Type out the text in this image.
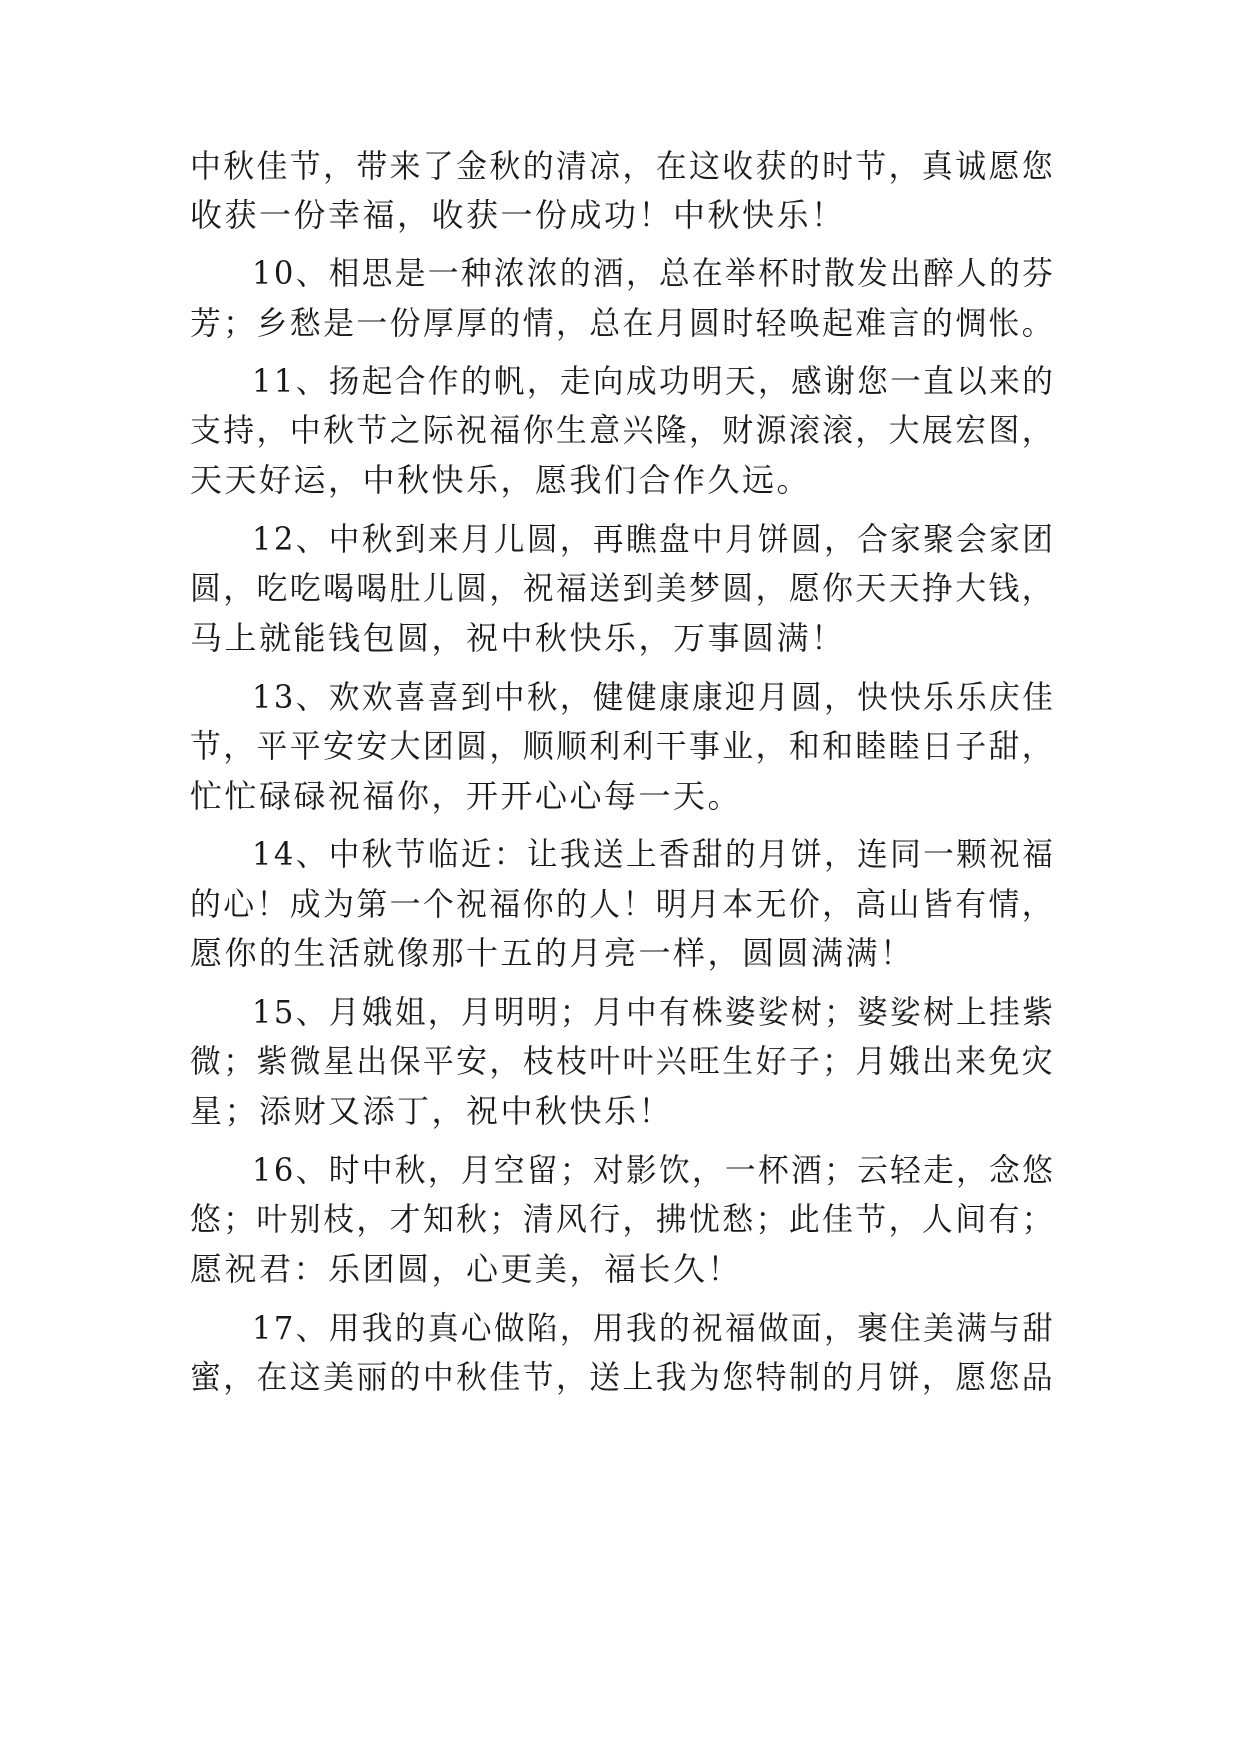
中秋佳节，带来了金秋的清凉，在这收获的时节，真诚愿您
收获一份幸福，收获一份成功！中秋快乐！
10、相思是一种浓浓的酒，总在举杯时散发出醉人的芬
芳；乡愁是一份厚厚的情，总在月圆时轻唤起难言的惆怅。
11、扬起合作的帆，走向成功明天，感谢您一直以来的
支持，中秋节之际祝福你生意兴隆，财源滚滚，大展宏图，
天天好运，中秋快乐，愿我们合作久远。
12、中秋到来月儿圆，再瞧盘中月饼圆，合家聚会家团
圆，吃吃喝喝肚儿圆，祝福送到美梦圆，愿你天天挣大钱，
马上就能钱包圆，祝中秋快乐，万事圆满！
13、欢欢喜喜到中秋，健健康康迎月圆，快快乐乐庆佳
节，平平安安大团圆，顺顺利利干事业，和和睦睦日子甜，
忙忙碌碌祝福你，开开心心每一天。
14、中秋节临近：让我送上香甜的月饼，连同一颗祝福
的心！成为第一个祝福你的人！明月本无价，高山皆有情，
愿你的生活就像那十五的月亮一样，圆圆满满！
15、月娥姐，月明明；月中有株婆娑树；婆娑树上挂紫
微；紫微星出保平安，枝枝叶叶兴旺生好子；月娥出来免灾
星；添财又添丁，祝中秋快乐！
16、时中秋，月空留；对影饮，一杯酒；云轻走，念悠
悠；叶别枝，才知秋；清风行，拂忧愁；此佳节，人间有；
愿祝君：乐团圆，心更美，福长久！
17、用我的真心做陷，用我的祝福做面，裹住美满与甜
蜜，在这美丽的中秋佳节，送上我为您特制的月饼，愿您品
